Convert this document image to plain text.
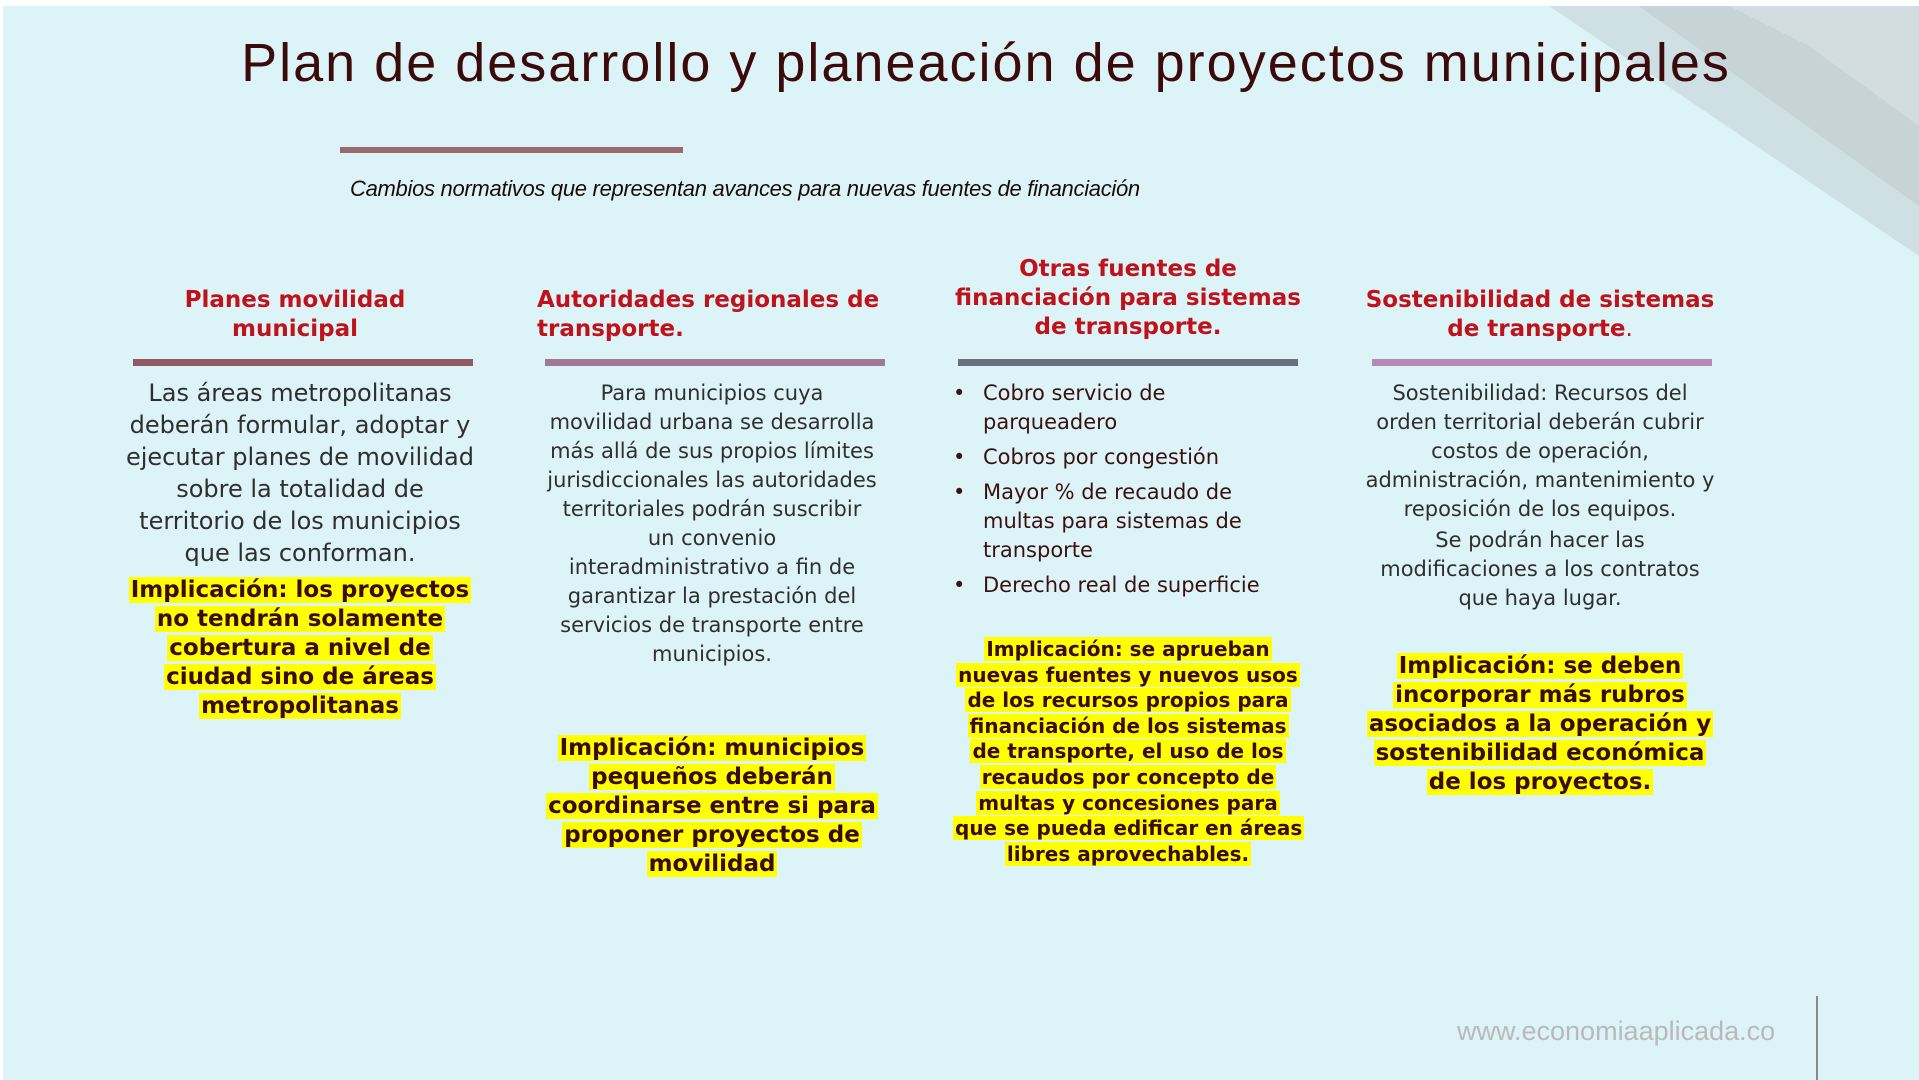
Plan de desarrollo y planeación de proyectos municipales
Cambios normativos que representan avances para nuevas fuentes de financiación
Planes movilidad municipal
Las áreas metropolitanas deberán formular, adoptar y ejecutar planes de movilidad sobre la totalidad de territorio de los municipios que las conforman.
Implicación: los proyectos no tendrán solamente cobertura a nivel de ciudad sino de áreas metropolitanas
Autoridades regionales de transporte.
Para municipios cuya movilidad urbana se desarrolla más allá de sus propios límites jurisdiccionales las autoridades territoriales podrán suscribir un convenio interadministrativo a fin de garantizar la prestación del servicios de transporte entre municipios.
Implicación: municipios pequeños deberán coordinarse entre si para proponer proyectos de movilidad
Otras fuentes de financiación para sistemas de transporte.
• Cobro servicio de parqueadero
• Cobros por congestión
• Mayor % de recaudo de multas para sistemas de transporte
• Derecho real de superficie
Implicación: se aprueban nuevas fuentes y nuevos usos de los recursos propios para financiación de los sistemas de transporte, el uso de los recaudos por concepto de multas y concesiones para que se pueda edificar en áreas libres aprovechables.
Sostenibilidad de sistemas de transporte.
Sostenibilidad: Recursos del orden territorial deberán cubrir costos de operación, administración, mantenimiento y reposición de los equipos.
Se podrán hacer las modificaciones a los contratos que haya lugar.
Implicación: se deben incorporar más rubros asociados a la operación y sostenibilidad económica de los proyectos.
www.economiaaplicada.co
